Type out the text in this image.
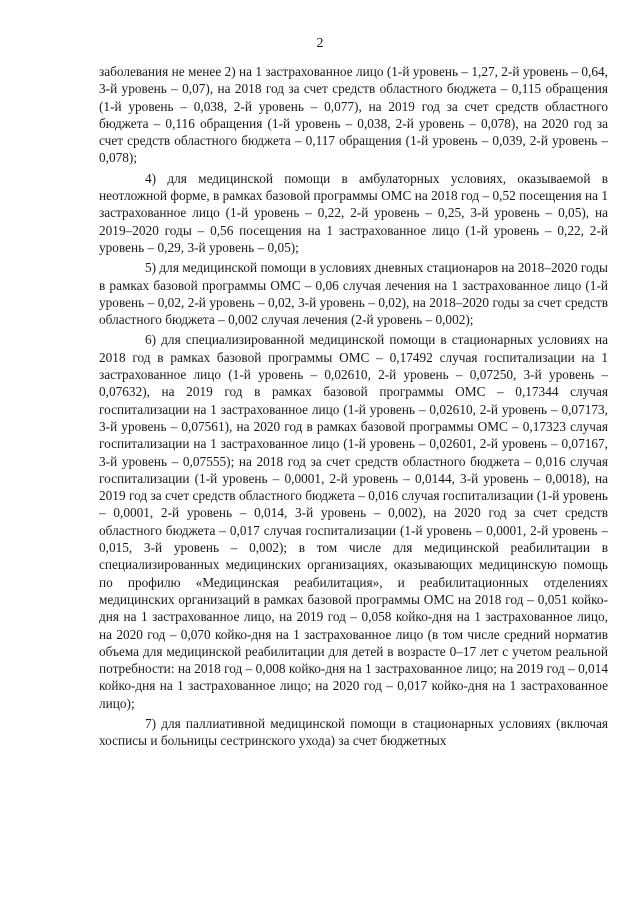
2

заболевания не менее 2) на 1 застрахованное лицо (1-й уровень – 1,27, 2-й уровень – 0,64, 3-й уровень – 0,07), на 2018 год за счет средств областного бюджета – 0,115 обращения (1-й уровень – 0,038, 2-й уровень – 0,077), на 2019 год за счет средств областного бюджета – 0,116 обращения (1-й уровень – 0,038, 2-й уровень – 0,078), на 2020 год за счет средств областного бюджета – 0,117 обращения (1-й уровень – 0,039, 2-й уровень – 0,078);

4) для медицинской помощи в амбулаторных условиях, оказываемой в неотложной форме, в рамках базовой программы ОМС на 2018 год – 0,52 посещения на 1 застрахованное лицо (1-й уровень – 0,22, 2-й уровень – 0,25, 3-й уровень – 0,05), на 2019–2020 годы – 0,56 посещения на 1 застрахованное лицо (1-й уровень – 0,22, 2-й уровень – 0,29, 3-й уровень – 0,05);

5) для медицинской помощи в условиях дневных стационаров на 2018–2020 годы в рамках базовой программы ОМС – 0,06 случая лечения на 1 застрахованное лицо (1-й уровень – 0,02, 2-й уровень – 0,02, 3-й уровень – 0,02), на 2018–2020 годы за счет средств областного бюджета – 0,002 случая лечения (2-й уровень – 0,002);

6) для специализированной медицинской помощи в стационарных условиях на 2018 год в рамках базовой программы ОМС – 0,17492 случая госпитализации на 1 застрахованное лицо (1-й уровень – 0,02610, 2-й уровень – 0,07250, 3-й уровень – 0,07632), на 2019 год в рамках базовой программы ОМС – 0,17344 случая госпитализации на 1 застрахованное лицо (1-й уровень – 0,02610, 2-й уровень – 0,07173, 3-й уровень – 0,07561), на 2020 год в рамках базовой программы ОМС – 0,17323 случая госпитализации на 1 застрахованное лицо (1-й уровень – 0,02601, 2-й уровень – 0,07167, 3-й уровень – 0,07555); на 2018 год за счет средств областного бюджета – 0,016 случая госпитализации (1-й уровень – 0,0001, 2-й уровень – 0,0144, 3-й уровень – 0,0018), на 2019 год за счет средств областного бюджета – 0,016 случая госпитализации (1-й уровень – 0,0001, 2-й уровень – 0,014, 3-й уровень – 0,002), на 2020 год за счет средств областного бюджета – 0,017 случая госпитализации (1-й уровень – 0,0001, 2-й уровень – 0,015, 3-й уровень – 0,002); в том числе для медицинской реабилитации в специализированных медицинских организациях, оказывающих медицинскую помощь по профилю «Медицинская реабилитация», и реабилитационных отделениях медицинских организаций в рамках базовой программы ОМС на 2018 год – 0,051 койко-дня на 1 застрахованное лицо, на 2019 год – 0,058 койко-дня на 1 застрахованное лицо, на 2020 год – 0,070 койко-дня на 1 застрахованное лицо (в том числе средний норматив объема для медицинской реабилитации для детей в возрасте 0–17 лет с учетом реальной потребности: на 2018 год – 0,008 койко-дня на 1 застрахованное лицо; на 2019 год – 0,014 койко-дня на 1 застрахованное лицо; на 2020 год – 0,017 койко-дня на 1 застрахованное лицо);

7) для паллиативной медицинской помощи в стационарных условиях (включая хосписы и больницы сестринского ухода) за счет бюджетных
